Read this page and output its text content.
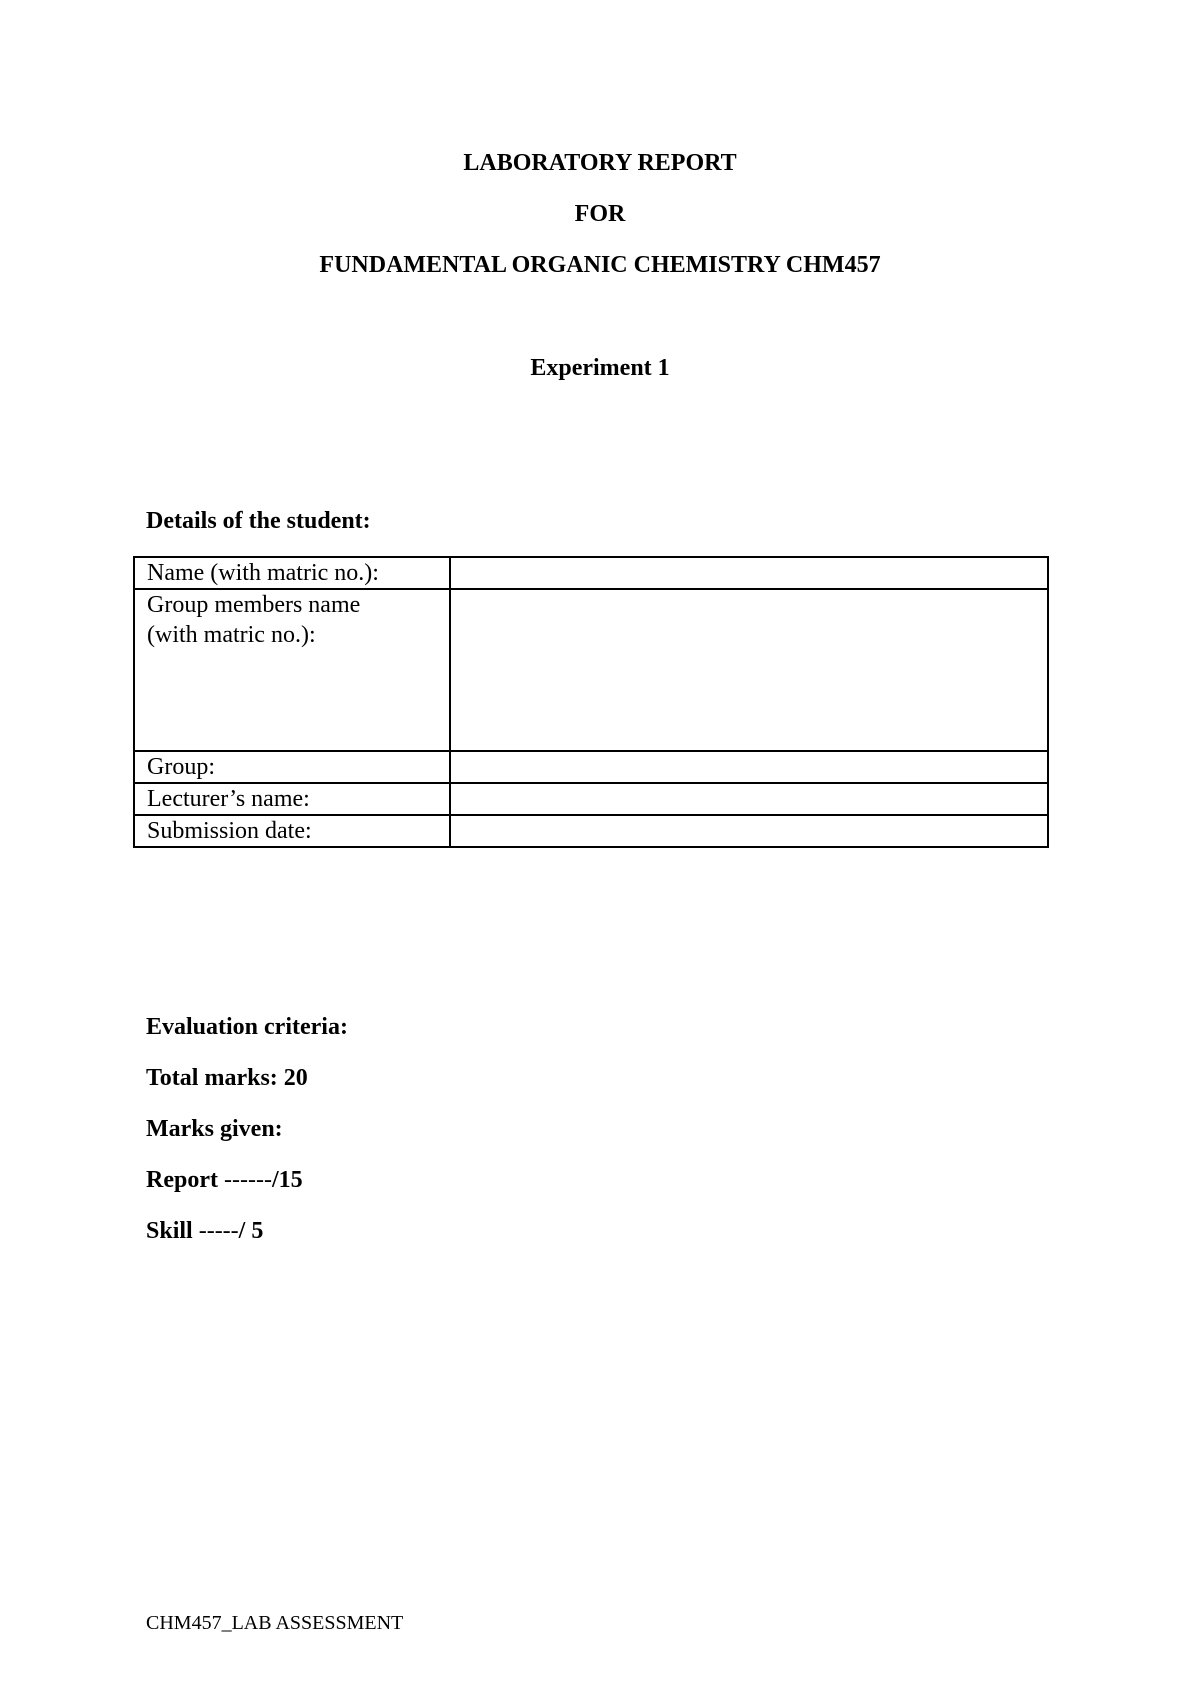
LABORATORY REPORT
FOR
FUNDAMENTAL ORGANIC CHEMISTRY CHM457
Experiment 1
Details of the student:
Name (with matric no.):	

Group members name
(with matric no.):	

Group:	

Lecturer’s name:	

Submission date:	

Evaluation criteria:
Total marks: 20
Marks given:
Report ------/15
Skill -----/ 5
CHM457_LAB ASSESSMENT
